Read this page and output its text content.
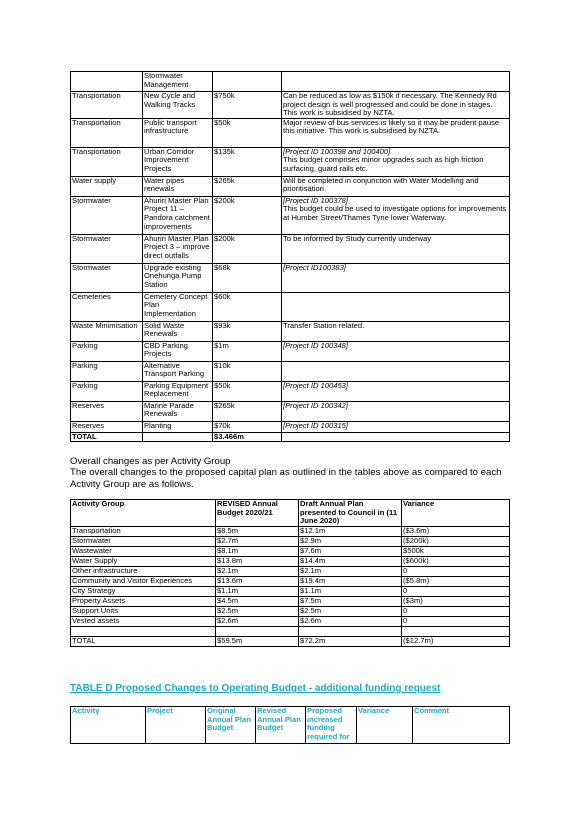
	Stormwater Management		

Transportation	New Cycle and Walking Tracks	$750k	Can be reduced as low as $150k if necessary. The Kennedy Rd project design is well progressed and could be done in stages. This work is subsidised by NZTA.

Transportation	Public transport infrastructure	$50k	Major review of bus services is likely so it may be prudent pause this initiative. This work is subsidised by NZTA.

Transportation	Urban Corridor Improvement Projects	$135k	[Project ID 100398 and 100400]
This budget comprises minor upgrades such as high friction surfacing, guard rails etc.

Water supply	Water pipes renewals	$265k	Will be completed in conjunction with Water Modelling and prioritisation

Stormwater	Ahuriri Master Plan Project 11 – Pandora catchment improvements	$200k	[Project ID 100378]
This budget could be used to investigate options for improvements at Humber Street/Thames Tyne lower Waterway.

Stormwater	Ahuriri Master Plan Project 3 – improve direct outfalls	$200k	To be informed by Study currently underway

Stormwater	Upgrade existing Onehunga Pump Station	$68k	[Project ID100383]

Cemeteries	Cemetery Concept Plan Implementation	$60k	

Waste Minimisation	Solid Waste Renewals	$93k	Transfer Station related.

Parking	CBD Parking Projects	$1m	[Project ID 100348]

Parking	Alternative Transport Parking	$10k	

Parking	Parking Equipment Replacement	$50k	[Project ID 100453]

Reserves	Marine Parade Renewals	$265k	[Project ID 100342]

Reserves	Planting	$70k	[Project ID 100315]

TOTAL		$3.466m	
Overall changes as per Activity Group
The overall changes to the proposed capital plan as outlined in the tables above as compared to each Activity Group are as follows.
Activity Group	REVISED Annual Budget 2020/21	Draft Annual Plan presented to Council in (11 June 2020)	Variance
Transportation	$8.5m	$12.1m	($3.6m)
Stormwater	$2.7m	$2.9m	($200k)
Wastewater	$8.1m	$7.6m	$500k
Water Supply	$13.8m	$14.4m	($600k)
Other infrastructure	$2.1m	$2.1m	0
Community and Visitor Experiences	$13.6m	$19.4m	($5.8m)
City Strategy	$1.1m	$1.1m	0
Property Assets	$4.5m	$7.5m	($3m)
Support Units	$2.5m	$2.5m	0
Vested assets	$2.6m	$2.6m	0

TOTAL	$59.5m	$72.2m	($12.7m)
TABLE D Proposed Changes to Operating Budget - additional funding request
Activity	Project	Original Annual Plan Budget	Revised Annual Plan Budget	Proposed increased funding required for	Variance	Comment
